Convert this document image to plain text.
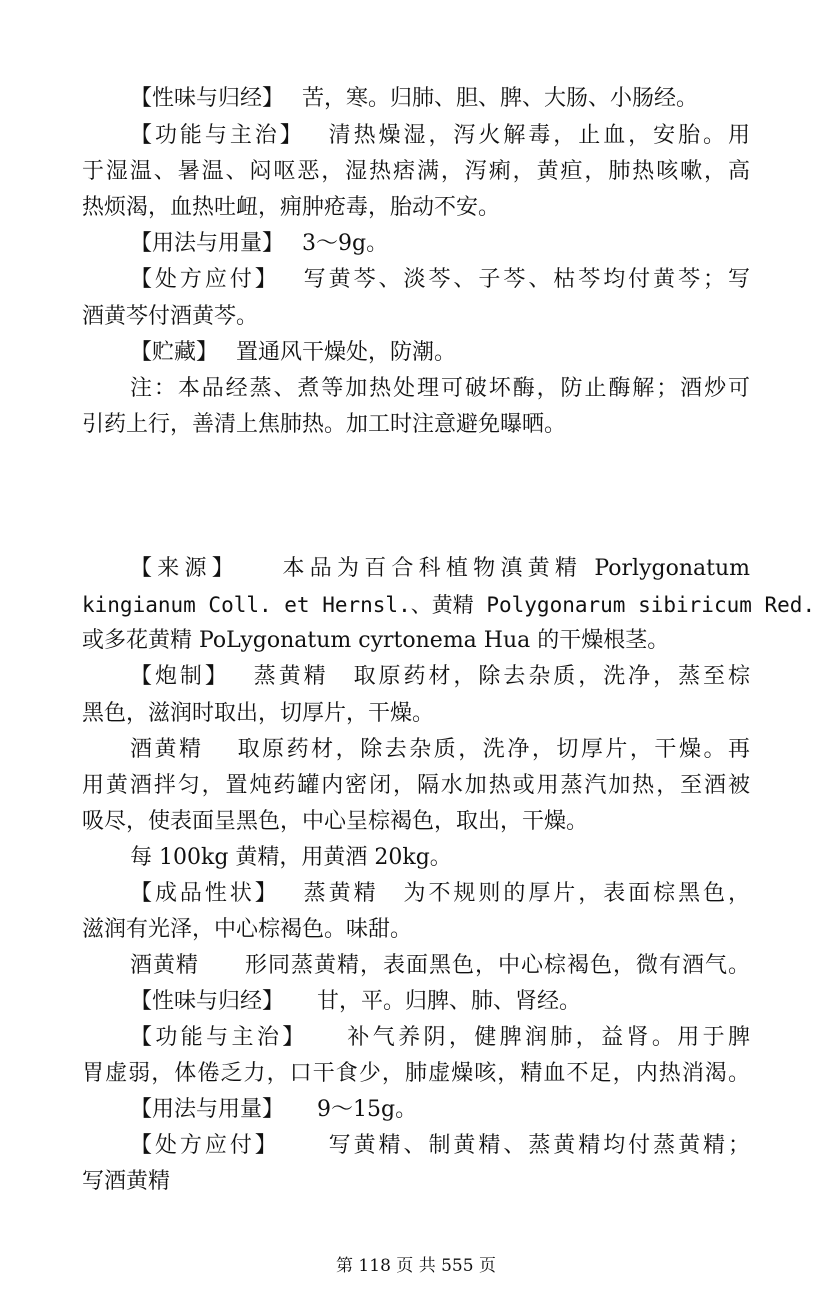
【性味与归经】　 苦，寒。归肺、胆、脾、大肠、小肠经。
【功能与主治】　 清热燥湿，泻火解毒，止血，安胎。用
于湿温、暑温、闷呕恶，湿热痞满，泻痢，黄疸，肺热咳嗽，高
热烦渴，血热吐衄，痈肿疮毒，胎动不安。
【用法与用量】　 3～9g。
【处方应付】　 写黄芩、淡芩、子芩、枯芩均付黄芩；写
酒黄芩付酒黄芩。
【贮藏】　 置通风干燥处，防潮。
注：本品经蒸、煮等加热处理可破坏酶，防止酶解；酒炒可
引药上行，善清上焦肺热。加工时注意避免曝晒。
【来源】　　本品为百合科植物滇黄精 Porlygonatum
kingianum Coll. et Hernsl.、黄精 Polygonarum sibiricum Red.
或多花黄精 PoLygonatum cyrtonema Hua 的干燥根茎。
【炮制】　 蒸黄精　取原药材，除去杂质，洗净，蒸至棕
黑色，滋润时取出，切厚片，干燥。
酒黄精　 取原药材，除去杂质，洗净，切厚片，干燥。再
用黄酒拌匀，置炖药罐内密闭，隔水加热或用蒸汽加热，至酒被
吸尽，使表面呈黑色，中心呈棕褐色，取出，干燥。
每 100kg 黄精，用黄酒 20kg。
【成品性状】　 蒸黄精　为不规则的厚片，表面棕黑色，
滋润有光泽，中心棕褐色。味甜。
酒黄精　　形同蒸黄精，表面黑色，中心棕褐色，微有酒气。
【性味与归经】　　甘，平。归脾、肺、肾经。
【功能与主治】　　补气养阴，健脾润肺，益肾。用于脾
胃虚弱，体倦乏力，口干食少，肺虚燥咳，精血不足，内热消渴。
【用法与用量】　　9～15g。
【处方应付】　　 写黄精、制黄精、蒸黄精均付蒸黄精；
写酒黄精
第 118 页 共 555 页
